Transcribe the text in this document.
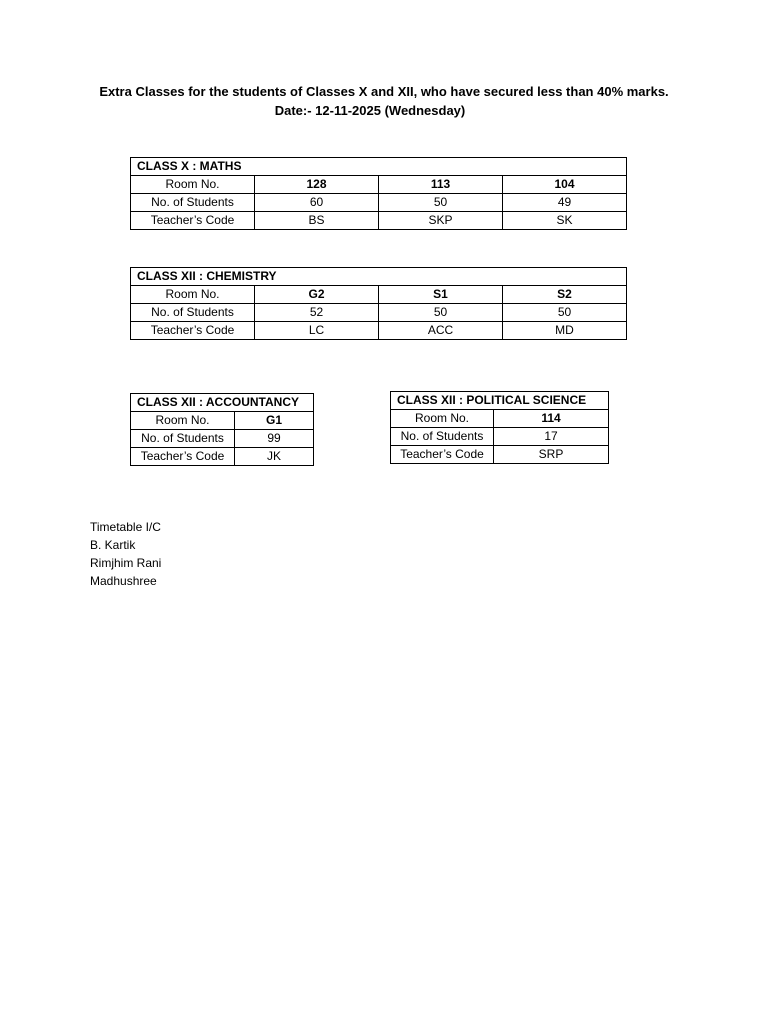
Extra Classes for the students of Classes X and XII, who have secured less than 40% marks.
Date:- 12-11-2025 (Wednesday)
CLASS X : MATHS			
Room No.	128	113	104
No. of Students	60	50	49
Teacher’s Code	BS	SKP	SK
CLASS XII : CHEMISTRY			
Room No.	G2	S1	S2
No. of Students	52	50	50
Teacher’s Code	LC	ACC	MD
CLASS XII : ACCOUNTANCY	
Room No.	G1
No. of Students	99
Teacher’s Code	JK
CLASS XII : POLITICAL SCIENCE	
Room No.	114
No. of Students	17
Teacher’s Code	SRP
Timetable I/C
B. Kartik
Rimjhim Rani
Madhushree
